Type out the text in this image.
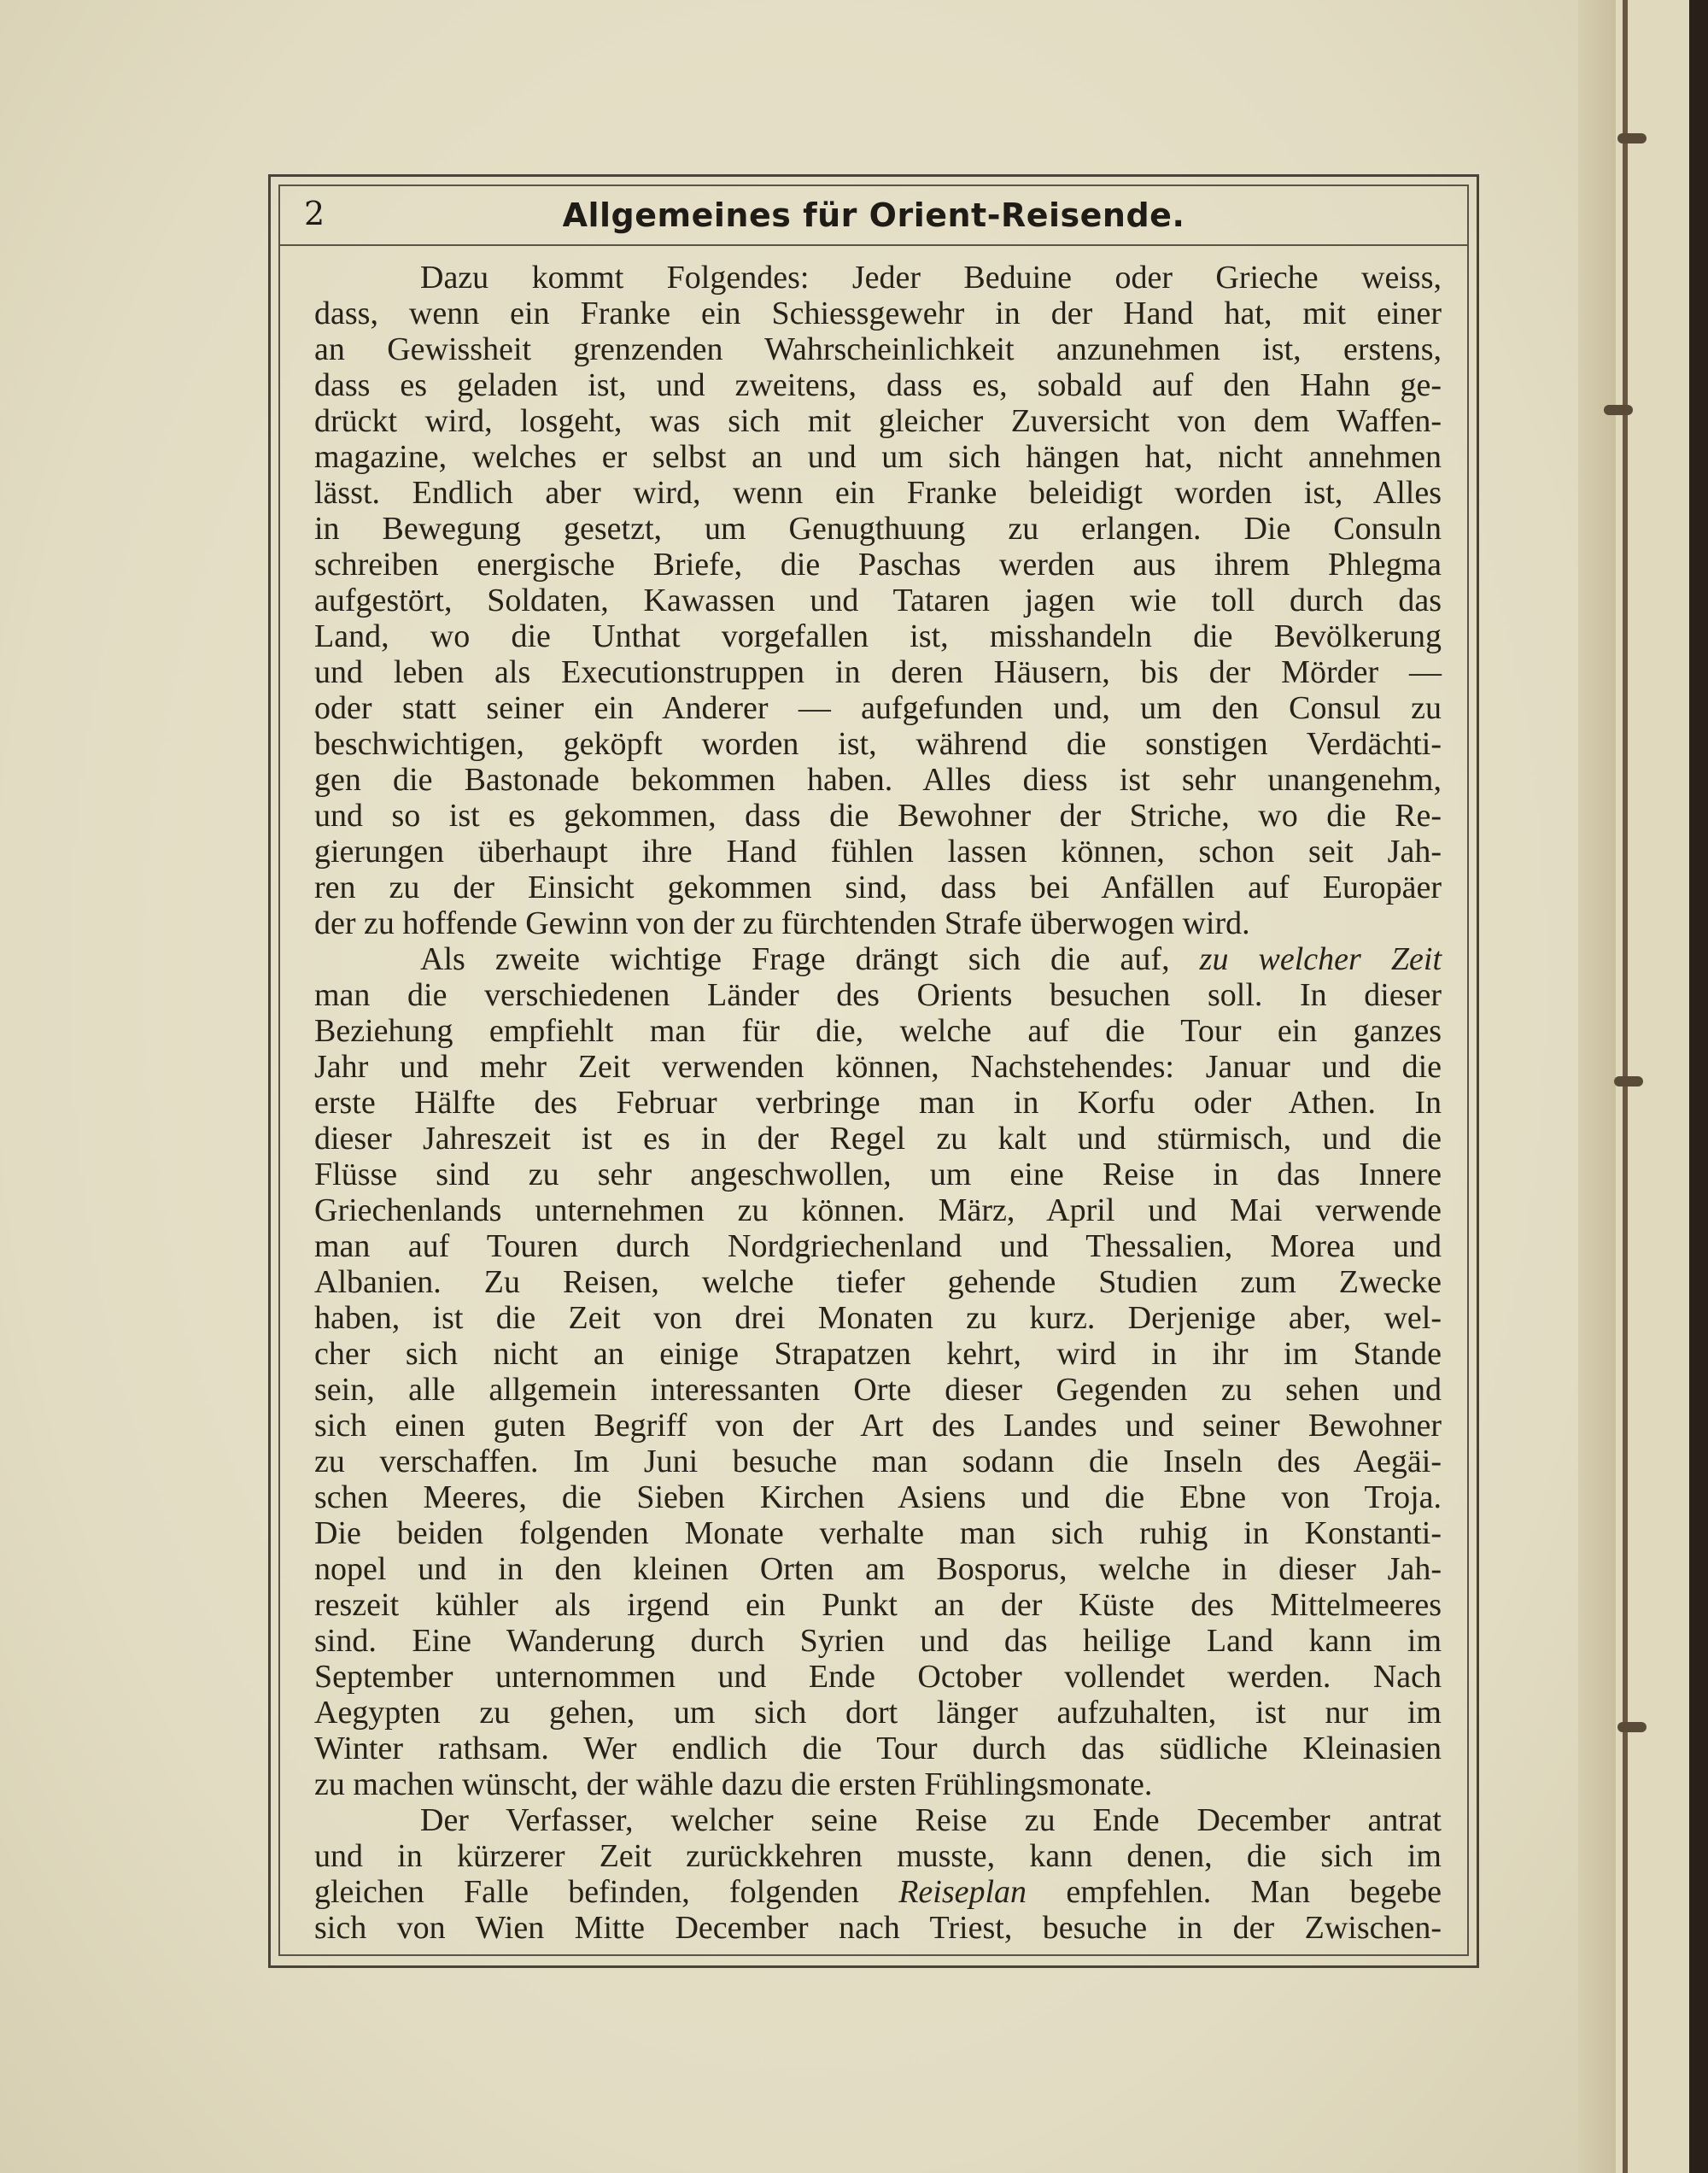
2	Allgemeines für Orient-Reisende.
Dazu kommt Folgendes: Jeder Beduine oder Grieche weiss,
dass, wenn ein Franke ein Schiessgewehr in der Hand hat, mit einer
an Gewissheit grenzenden Wahrscheinlichkeit anzunehmen ist, erstens,
dass es geladen ist, und zweitens, dass es, sobald auf den Hahn ge-
drückt wird, losgeht, was sich mit gleicher Zuversicht von dem Waffen-
magazine, welches er selbst an und um sich hängen hat, nicht annehmen
lässt. Endlich aber wird, wenn ein Franke beleidigt worden ist, Alles
in Bewegung gesetzt, um Genugthuung zu erlangen. Die Consuln
schreiben energische Briefe, die Paschas werden aus ihrem Phlegma
aufgestört, Soldaten, Kawassen und Tataren jagen wie toll durch das
Land, wo die Unthat vorgefallen ist, misshandeln die Bevölkerung
und leben als Executionstruppen in deren Häusern, bis der Mörder —
oder statt seiner ein Anderer — aufgefunden und, um den Consul zu
beschwichtigen, geköpft worden ist, während die sonstigen Verdächti-
gen die Bastonade bekommen haben. Alles diess ist sehr unangenehm,
und so ist es gekommen, dass die Bewohner der Striche, wo die Re-
gierungen überhaupt ihre Hand fühlen lassen können, schon seit Jah-
ren zu der Einsicht gekommen sind, dass bei Anfällen auf Europäer
der zu hoffende Gewinn von der zu fürchtenden Strafe überwogen wird.
Als zweite wichtige Frage drängt sich die auf, zu welcher Zeit
man die verschiedenen Länder des Orients besuchen soll. In dieser
Beziehung empfiehlt man für die, welche auf die Tour ein ganzes
Jahr und mehr Zeit verwenden können, Nachstehendes: Januar und die
erste Hälfte des Februar verbringe man in Korfu oder Athen. In
dieser Jahreszeit ist es in der Regel zu kalt und stürmisch, und die
Flüsse sind zu sehr angeschwollen, um eine Reise in das Innere
Griechenlands unternehmen zu können. März, April und Mai verwende
man auf Touren durch Nordgriechenland und Thessalien, Morea und
Albanien. Zu Reisen, welche tiefer gehende Studien zum Zwecke
haben, ist die Zeit von drei Monaten zu kurz. Derjenige aber, wel-
cher sich nicht an einige Strapatzen kehrt, wird in ihr im Stande
sein, alle allgemein interessanten Orte dieser Gegenden zu sehen und
sich einen guten Begriff von der Art des Landes und seiner Bewohner
zu verschaffen. Im Juni besuche man sodann die Inseln des Aegäi-
schen Meeres, die Sieben Kirchen Asiens und die Ebne von Troja.
Die beiden folgenden Monate verhalte man sich ruhig in Konstanti-
nopel und in den kleinen Orten am Bosporus, welche in dieser Jah-
reszeit kühler als irgend ein Punkt an der Küste des Mittelmeeres
sind. Eine Wanderung durch Syrien und das heilige Land kann im
September unternommen und Ende October vollendet werden. Nach
Aegypten zu gehen, um sich dort länger aufzuhalten, ist nur im
Winter rathsam. Wer endlich die Tour durch das südliche Kleinasien
zu machen wünscht, der wähle dazu die ersten Frühlingsmonate.
Der Verfasser, welcher seine Reise zu Ende December antrat
und in kürzerer Zeit zurückkehren musste, kann denen, die sich im
gleichen Falle befinden, folgenden Reiseplan empfehlen. Man begebe
sich von Wien Mitte December nach Triest, besuche in der Zwischen-
